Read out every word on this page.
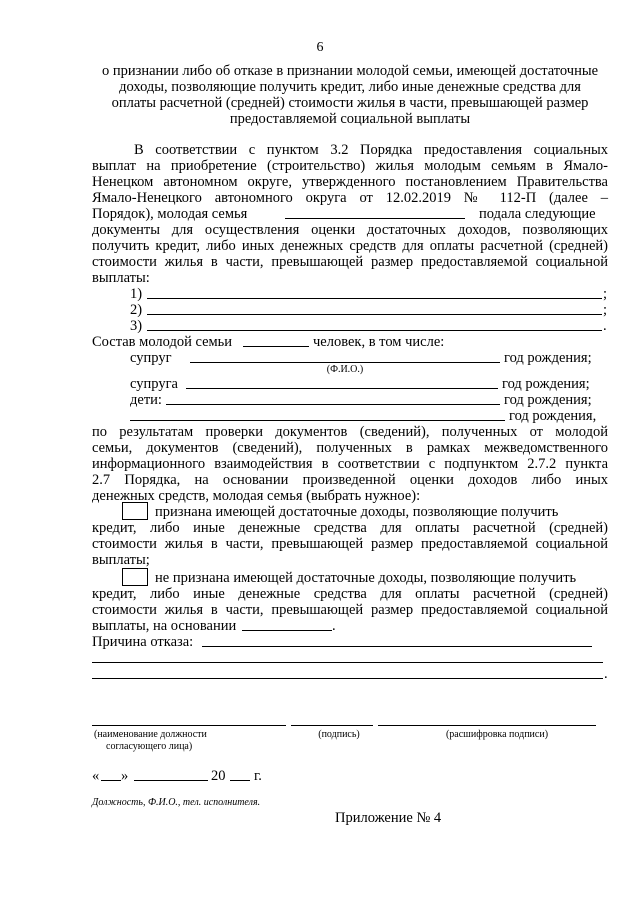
6
о признании либо об отказе в признании молодой семьи, имеющей достаточные
доходы, позволяющие получить кредит, либо иные денежные средства для
оплаты расчетной (средней) стоимости жилья в части, превышающей размер
предоставляемой социальной выплаты
В соответствии с пунктом 3.2 Порядка предоставления социальных
выплат на приобретение (строительство) жилья молодым семьям в Ямало-
Ненецком автономном округе, утвержденного постановлением Правительства
Ямало-Ненецкого автономного округа от 12.02.2019 № 112-П (далее –
Порядок), молодая семья	подала следующие
документы для осуществления оценки достаточных доходов, позволяющих
получить кредит, либо иных денежных средств для оплаты расчетной (средней)
стоимости жилья в части, превышающей размер предоставляемой социальной
выплаты:
1)	;
2)	;
3)	.
Состав молодой семьи	человек, в том числе:
супруг	год рождения;
(Ф.И.О.)
супруга	год рождения;
дети:	год рождения;
год рождения,
по результатам проверки документов (сведений), полученных от молодой
семьи, документов (сведений), полученных в рамках межведомственного
информационного взаимодействия в соответствии с подпунктом 2.7.2 пункта
2.7 Порядка, на основании произведенной оценки доходов либо иных
денежных средств, молодая семья (выбрать нужное):
признана имеющей достаточные доходы, позволяющие получить
кредит, либо иные денежные средства для оплаты расчетной (средней)
стоимости жилья в части, превышающей размер предоставляемой социальной
выплаты;
не признана имеющей достаточные доходы, позволяющие получить
кредит, либо иные денежные средства для оплаты расчетной (средней)
стоимости жилья в части, превышающей размер предоставляемой социальной
выплаты, на основании	.
Причина отказа:
.
(наименование должности
согласующего лица)
(подпись)	(расшифровка подписи)
« »	20 г.
Должность, Ф.И.О., тел. исполнителя.
Приложение № 4
